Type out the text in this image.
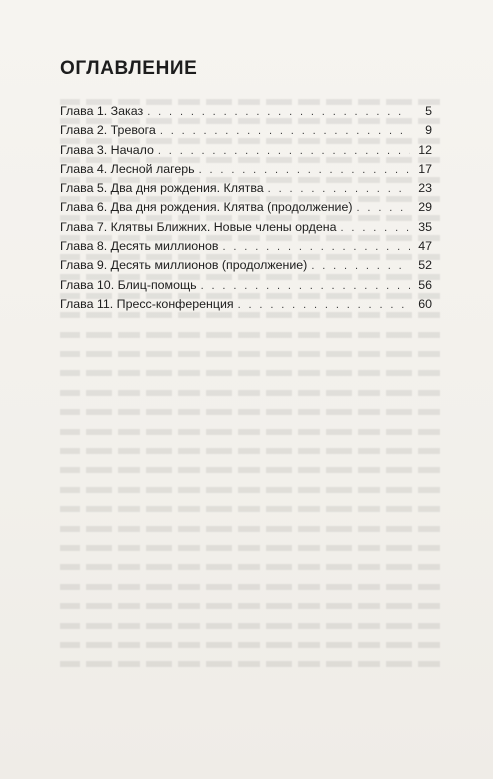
ОГЛАВЛЕНИЕ
Глава 1. Заказ . . .	5
Глава 2. Тревога . . .	9
Глава 3. Начало . . .	12
Глава 4. Лесной лагерь . . .	17
Глава 5. Два дня рождения. Клятва . . .	23
Глава 6. Два дня рождения. Клятва (продолжение) . . .	29
Глава 7. Клятвы Ближних. Новые члены ордена . . .	35
Глава 8. Десять миллионов . . .	47
Глава 9. Десять миллионов (продолжение) . . .	52
Глава 10. Блиц-помощь . . .	56
Глава 11. Пресс-конференция . . .	60
